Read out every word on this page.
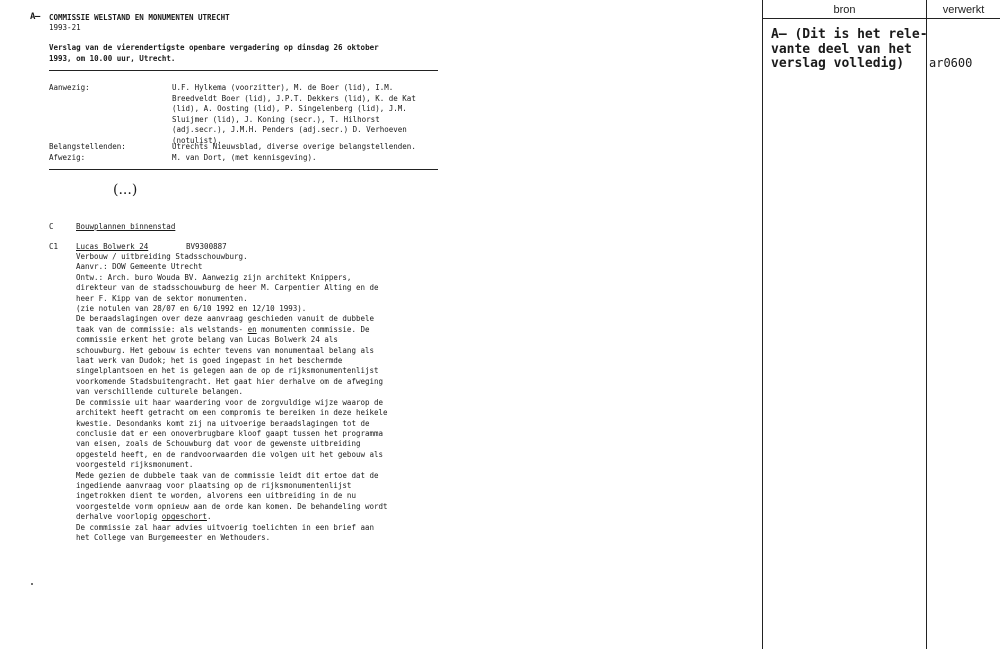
A— COMMISSIE WELSTAND EN MONUMENTEN UTRECHT
1993-21
Verslag van de vierendertigste openbare vergadering op dinsdag 26 oktober
1993, om 10.00 uur, Utrecht.
Aanwezig:	U.F. Hylkema (voorzitter), M. de Boer (lid), I.M.
Breedveldt Boer (lid), J.P.T. Dekkers (lid), K. de Kat
(lid), A. Oosting (lid), P. Singelenberg (lid), J.M.
Sluijmer (lid), J. Koning (secr.), T. Hilhorst
(adj.secr.), J.M.H. Penders (adj.secr.) D. Verhoeven
(notulist).
Belangstellenden:	Utrechts Nieuwsblad, diverse overige belangstellenden.
Afwezig:	M. van Dort, (met kennisgeving).
(...)
C	Bouwplannen binnenstad
C1 Lucas Bolwerk 24	BV9300887
Verbouw / uitbreiding Stadsschouwburg.
Aanvr.: DOW Gemeente Utrecht
Ontw.: Arch. buro Wouda BV. Aanwezig zijn architekt Knippers,
direkteur van de stadsschouwburg de heer M. Carpentier Alting en de
heer F. Kipp van de sektor monumenten.
(zie notulen van 28/07 en 6/10 1992 en 12/10 1993).
De beraadslagingen over deze aanvraag geschieden vanuit de dubbele
taak van de commissie: als welstands- en monumenten commissie. De
commissie erkent het grote belang van Lucas Bolwerk 24 als
schouwburg. Het gebouw is echter tevens van monumentaal belang als
laat werk van Dudok; het is goed ingepast in het beschermde
singelplantsoen en het is gelegen aan de op de rijksmonumentenlijst
voorkomende Stadsbuitengracht. Het gaat hier derhalve om de afweging
van verschillende culturele belangen.
De commissie uit haar waardering voor de zorgvuldige wijze waarop de
architekt heeft getracht om een compromis te bereiken in deze heikele
kwestie. Desondanks komt zij na uitvoerige beraadslagingen tot de
conclusie dat er een onoverbrugbare kloof gaapt tussen het programma
van eisen, zoals de Schouwburg dat voor de gewenste uitbreiding
opgesteld heeft, en de randvoorwaarden die volgen uit het gebouw als
voorgesteld rijksmonument.
Mede gezien de dubbele taak van de commissie leidt dit ertoe dat de
ingediende aanvraag voor plaatsing op de rijksmonumentenlijst
ingetrokken dient te worden, alvorens een uitbreiding in de nu
voorgestelde vorm opnieuw aan de orde kan komen. De behandeling wordt
derhalve voorlopig opgeschort.
De commissie zal haar advies uitvoerig toelichten in een brief aan
het College van Burgemeester en Wethouders.
bron	verwerkt
A— (Dit is het rele-
vante deel van het
verslag volledig)	ar0600
